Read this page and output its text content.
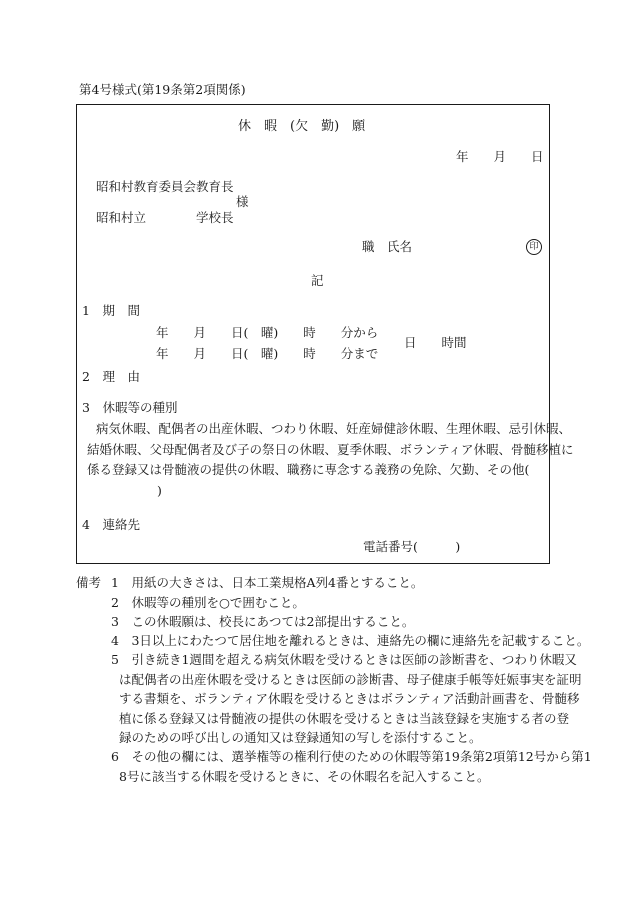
第4号様式(第19条第2項関係)
休　暇　(欠　勤)　願
年　　月　　日
昭和村教育委員会教育長
様
昭和村立　　　　学校長
職　氏名	印
記
1　期　間
年　　月　　日(　曜)　　時　　分から
年　　月　　日(　曜)　　時　　分まで
日　　時間
2　理　由
3　休暇等の種別
病気休暇、配偶者の出産休暇、つわり休暇、妊産婦健診休暇、生理休暇、忌引休暇、
結婚休暇、父母配偶者及び子の祭日の休暇、夏季休暇、ボランティア休暇、骨髄移植に
係る登録又は骨髄液の提供の休暇、職務に専念する義務の免除、欠勤、その他(
)
4　連絡先
電話番号(　　　)
備考 1　用紙の大きさは、日本工業規格A列4番とすること。
2　休暇等の種別を○で囲むこと。
3　この休暇願は、校長にあつては2部提出すること。
4　3日以上にわたつて居住地を離れるときは、連絡先の欄に連絡先を記載すること。
5　引き続き1週間を超える病気休暇を受けるときは医師の診断書を、つわり休暇又
は配偶者の出産休暇を受けるときは医師の診断書、母子健康手帳等妊娠事実を証明
する書類を、ボランティア休暇を受けるときはボランティア活動計画書を、骨髄移
植に係る登録又は骨髄液の提供の休暇を受けるときは当該登録を実施する者の登
録のための呼び出しの通知又は登録通知の写しを添付すること。
6　その他の欄には、選挙権等の権利行使のための休暇等第19条第2項第12号から第1
8号に該当する休暇を受けるときに、その休暇名を記入すること。
